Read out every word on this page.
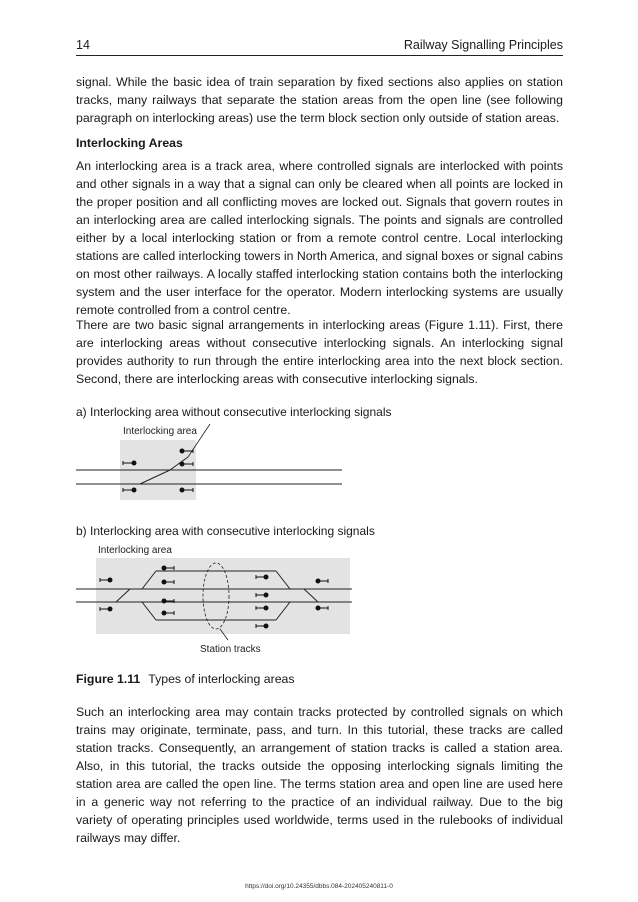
14	Railway Signalling Principles

signal. While the basic idea of train separation by fixed sections also applies on station tracks, many railways that separate the station areas from the open line (see following paragraph on interlocking areas) use the term block section only outside of station areas.

Interlocking Areas

An interlocking area is a track area, where controlled signals are interlocked with points and other signals in a way that a signal can only be cleared when all points are locked in the proper position and all conflicting moves are locked out. Signals that govern routes in an interlocking area are called interlocking signals. The points and signals are controlled either by a local interlocking station or from a remote control centre. Local interlocking stations are called interlocking towers in North America, and signal boxes or signal cabins on most other railways. A locally staffed interlocking station contains both the interlocking system and the user interface for the operator. Modern interlocking systems are usually remote controlled from a control centre.

There are two basic signal arrangements in interlocking areas (Figure 1.11). First, there are interlocking areas without consecutive interlocking signals. An interlocking signal provides authority to run through the entire interlocking area into the next block section. Second, there are interlocking areas with consecutive interlocking signals.

a) Interlocking area without consecutive interlocking signals
Interlocking area
b) Interlocking area with consecutive interlocking signals
Interlocking area
Station tracks
Figure 1.11 Types of interlocking areas

Such an interlocking area may contain tracks protected by controlled signals on which trains may originate, terminate, pass, and turn. In this tutorial, these tracks are called station tracks. Consequently, an arrangement of station tracks is called a station area. Also, in this tutorial, the tracks outside the opposing interlocking signals limiting the station area are called the open line. The terms station area and open line are used here in a generic way not referring to the practice of an individual railway. Due to the big variety of operating principles used worldwide, terms used in the rulebooks of individual railways may differ.

https://doi.org/10.24355/dbbs.084-202405240811-0
